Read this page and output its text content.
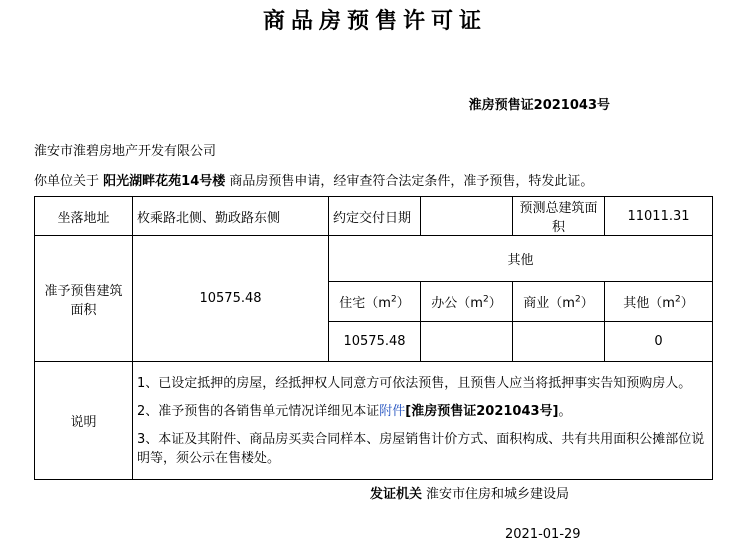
商品房预售许可证
淮房预售证2021043号
淮安市淮碧房地产开发有限公司
你单位关于 阳光湖畔花苑14号楼 商品房预售申请，经审查符合法定条件，准予预售，特发此证。
坐落地址	枚乘路北侧、勤政路东侧	约定交付日期		预测总建筑面积	11011.31
准予预售建筑面积	10575.48	其他			
		住宅$(m^2)$	办公$(m^2)$	商业$(m^2)$	其他$(m^2)$
		10575.48			0
说明	1、已设定抵押的房屋，经抵押权人同意方可依法预售，且预售人应当将抵押事实告知预购房人。

2、准予预售的各销售单元情况详细见本证附件[淮房预售证2021043号]。

3、本证及其附件、商品房买卖合同样本、房屋销售计价方式、面积构成、共有共用面积公摊部位说明等，须公示在售楼处。				

发证机关 淮安市住房和城乡建设局
2021-01-29
